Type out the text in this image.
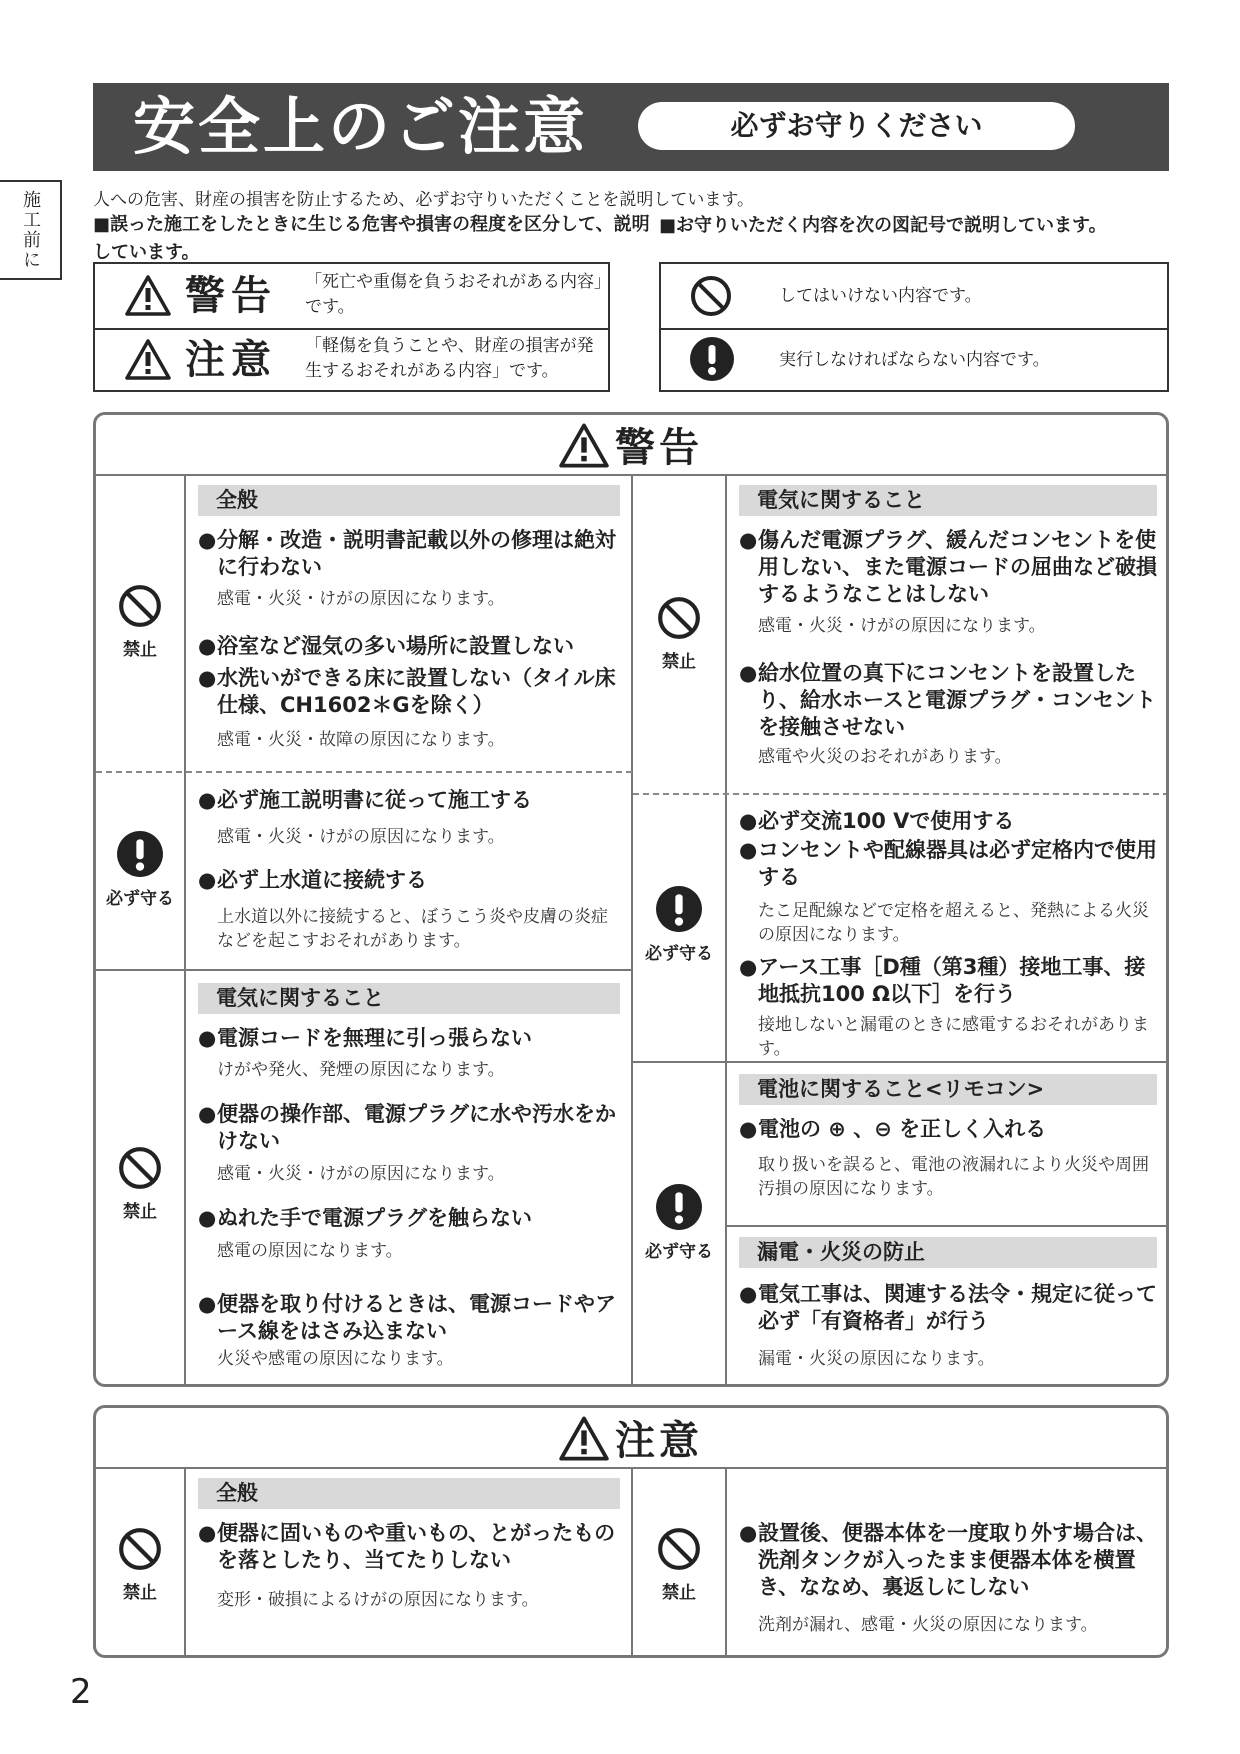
安全上のご注意	必ずお守りください
施工前に	人への危害、財産の損害を防止するため、必ずお守りいただくことを説明しています。
■誤った施工をしたときに生じる危害や損害の程度を区分して、説明しています。
■お守りいただく内容を次の図記号で説明しています。
警告 「死亡や重傷を負うおそれがある内容」です。
注意 「軽傷を負うことや、財産の損害が発生するおそれがある内容」です。
してはいけない内容です。
実行しなければならない内容です。
警告
禁止
全般
● 分解・改造・説明書記載以外の修理は絶対に行わない
感電・火災・けがの原因になります。
● 浴室など湿気の多い場所に設置しない
● 水洗いができる床に設置しない（タイル床仕様、CH1602＊Gを除く）
感電・火災・故障の原因になります。
必ず守る
● 必ず施工説明書に従って施工する
感電・火災・けがの原因になります。
● 必ず上水道に接続する
上水道以外に接続すると、ぼうこう炎や皮膚の炎症などを起こすおそれがあります。
禁止
電気に関すること
● 電源コードを無理に引っ張らない
けがや発火、発煙の原因になります。
● 便器の操作部、電源プラグに水や汚水をかけない
感電・火災・けがの原因になります。
● ぬれた手で電源プラグを触らない
感電の原因になります。
● 便器を取り付けるときは、電源コードやアース線をはさみ込まない
火災や感電の原因になります。
禁止
電気に関すること
● 傷んだ電源プラグ、緩んだコンセントを使用しない、また電源コードの屈曲など破損するようなことはしない
感電・火災・けがの原因になります。
● 給水位置の真下にコンセントを設置したり、給水ホースと電源プラグ・コンセントを接触させない
感電や火災のおそれがあります。
必ず守る
● 必ず交流100 Vで使用する
● コンセントや配線器具は必ず定格内で使用する
たこ足配線などで定格を超えると、発熱による火災の原因になります。
● アース工事［D種（第3種）接地工事、接地抵抗100 Ω以下］を行う
接地しないと漏電のときに感電するおそれがあります。
必ず守る
電池に関すること<リモコン>
● 電池の ⊕ 、⊖ を正しく入れる
取り扱いを誤ると、電池の液漏れにより火災や周囲汚損の原因になります。
漏電・火災の防止
● 電気工事は、関連する法令・規定に従って必ず「有資格者」が行う
漏電・火災の原因になります。
注意
禁止
全般
● 便器に固いものや重いもの、とがったものを落としたり、当てたりしない
変形・破損によるけがの原因になります。	禁止
● 設置後、便器本体を一度取り外す場合は、洗剤タンクが入ったまま便器本体を横置き、ななめ、裏返しにしない
洗剤が漏れ、感電・火災の原因になります。
2
